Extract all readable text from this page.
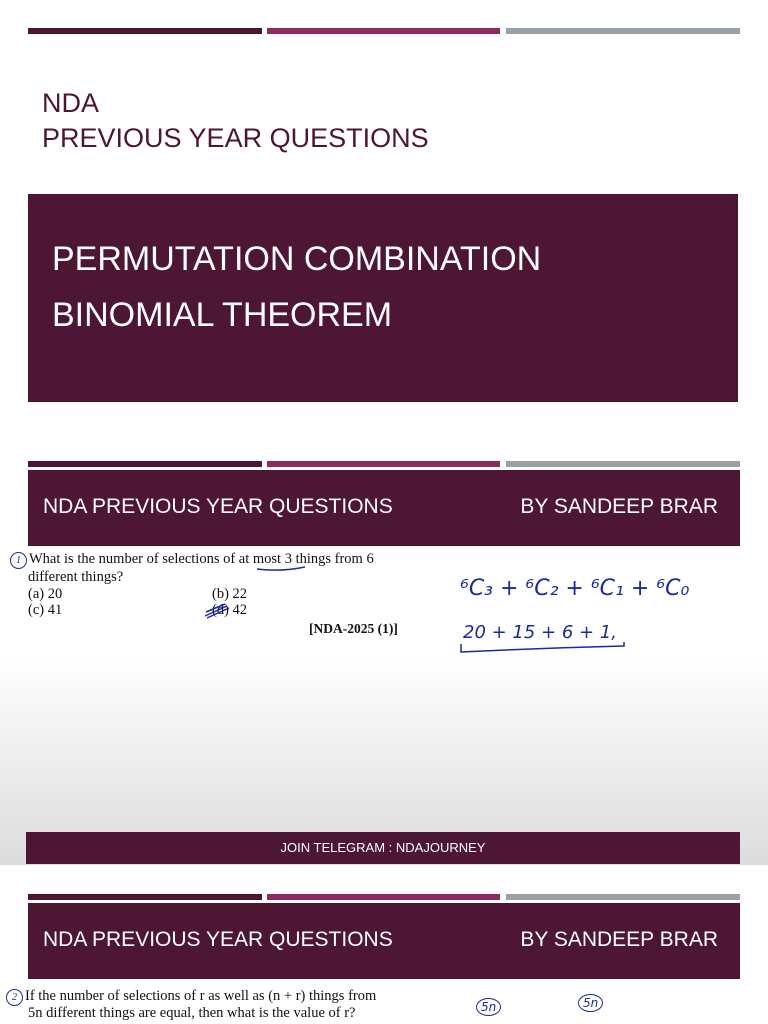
NDA
PREVIOUS YEAR QUESTIONS
PERMUTATION COMBINATION
BINOMIAL THEOREM
NDA PREVIOUS YEAR QUESTIONS	BY SANDEEP BRAR
1 What is the number of selections of at most 3 things from 6
different things?
(a) 20	(b) 22
(c) 41	(d) 42
[NDA-2025 (1)]
⁶C₃ + ⁶C₂ + ⁶C₁ + ⁶C₀
20 + 15 + 6 + 1,
JOIN TELEGRAM : NDAJOURNEY
NDA PREVIOUS YEAR QUESTIONS	BY SANDEEP BRAR
2 If the number of selections of r as well as (n + r) things from
5n different things are equal, then what is the value of r?	5n	5n
